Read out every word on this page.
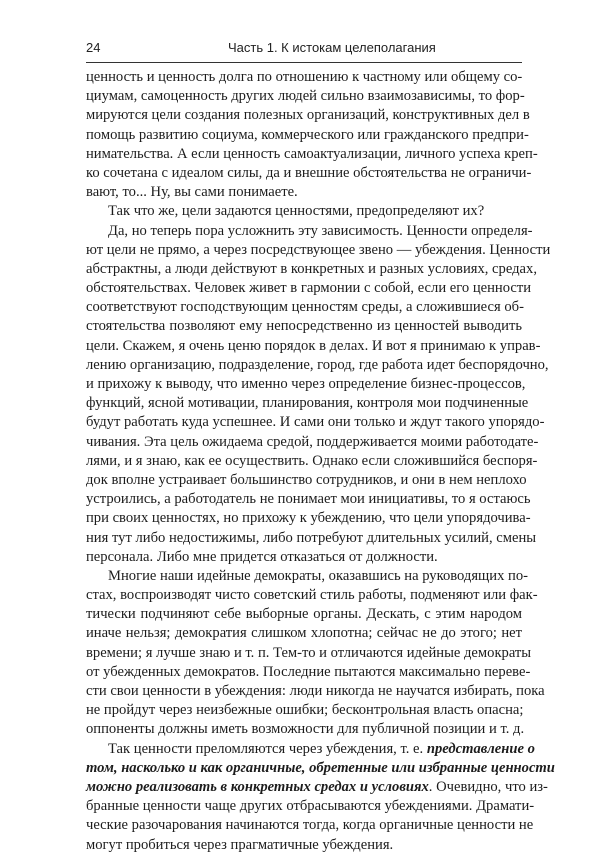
24	Часть 1. К истокам целеполагания
ценность и ценность долга по отношению к частному или общему со-
циумам, самоценность других людей сильно взаимозависимы, то фор-
мируются цели создания полезных организаций, конструктивных дел в
помощь развитию социума, коммерческого или гражданского предпри-
нимательства. А если ценность самоактуализации, личного успеха креп-
ко сочетана с идеалом силы, да и внешние обстоятельства не ограничи-
вают, то... Ну, вы сами понимаете.
Так что же, цели задаются ценностями, предопределяют их?
Да, но теперь пора усложнить эту зависимость. Ценности определя-
ют цели не прямо, а через посредствующее звено — убеждения. Ценности
абстрактны, а люди действуют в конкретных и разных условиях, средах,
обстоятельствах. Человек живет в гармонии с собой, если его ценности
соответствуют господствующим ценностям среды, а сложившиеся об-
стоятельства позволяют ему непосредственно из ценностей выводить
цели. Скажем, я очень ценю порядок в делах. И вот я принимаю к управ-
лению организацию, подразделение, город, где работа идет беспорядочно,
и прихожу к выводу, что именно через определение бизнес-процессов,
функций, ясной мотивации, планирования, контроля мои подчиненные
будут работать куда успешнее. И сами они только и ждут такого упорядо-
чивания. Эта цель ожидаема средой, поддерживается моими работодате-
лями, и я знаю, как ее осуществить. Однако если сложившийся беспоря-
док вполне устраивает большинство сотрудников, и они в нем неплохо
устроились, а работодатель не понимает мои инициативы, то я остаюсь
при своих ценностях, но прихожу к убеждению, что цели упорядочива-
ния тут либо недостижимы, либо потребуют длительных усилий, смены
персонала. Либо мне придется отказаться от должности.
Многие наши идейные демократы, оказавшись на руководящих по-
стах, воспроизводят чисто советский стиль работы, подменяют или фак-
тически подчиняют себе выборные органы. Дескать, с этим народом
иначе нельзя; демократия слишком хлопотна; сейчас не до этого; нет
времени; я лучше знаю и т. п. Тем-то и отличаются идейные демократы
от убежденных демократов. Последние пытаются максимально переве-
сти свои ценности в убеждения: люди никогда не научатся избирать, пока
не пройдут через неизбежные ошибки; бесконтрольная власть опасна;
оппоненты должны иметь возможности для публичной позиции и т. д.
Так ценности преломляются через убеждения, т. е. представление о
том, насколько и как органичные, обретенные или избранные ценности
можно реализовать в конкретных средах и условиях. Очевидно, что из-
бранные ценности чаще других отбрасываются убеждениями. Драмати-
ческие разочарования начинаются тогда, когда органичные ценности не
могут пробиться через прагматичные убеждения.
